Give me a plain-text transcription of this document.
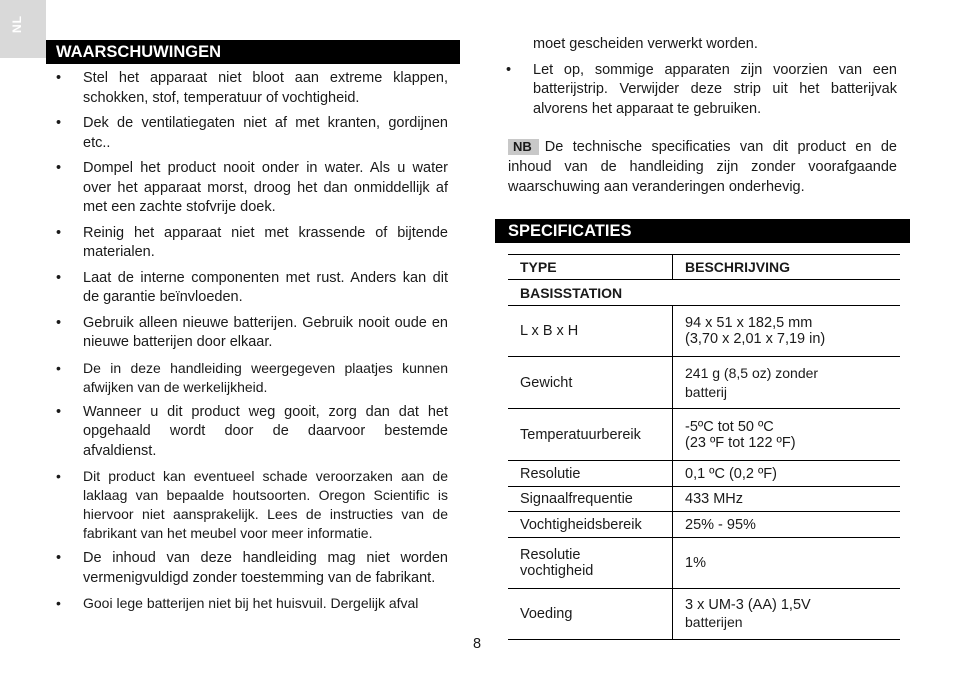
NL
WAARSCHUWINGEN
• Stel het apparaat niet bloot aan extreme klappen, schokken, stof, temperatuur of vochtigheid.
• Dek de ventilatiegaten niet af met kranten, gordijnen etc..
• Dompel het product nooit onder in water. Als u water over het apparaat morst, droog het dan onmiddellijk af met een zachte stofvrije doek.
• Reinig het apparaat niet met krassende of bijtende materialen.
• Laat de interne componenten met rust. Anders kan dit de garantie beïnvloeden.
• Gebruik alleen nieuwe batterijen. Gebruik nooit oude en nieuwe batterijen door elkaar.
• De in deze handleiding weergegeven plaatjes kunnen afwijken van de werkelijkheid.
• Wanneer u dit product weg gooit, zorg dan dat het opgehaald wordt door de daarvoor bestemde afvaldienst.
• Dit product kan eventueel schade veroorzaken aan de laklaag van bepaalde houtsoorten. Oregon Scientific is hiervoor niet aansprakelijk. Lees de instructies van de fabrikant van het meubel voor meer informatie.
• De inhoud van deze handleiding mag niet worden vermenigvuldigd zonder toestemming van de fabrikant.
• Gooi lege batterijen niet bij het huisvuil. Dergelijk afval
moet gescheiden verwerkt worden.
• Let op, sommige apparaten zijn voorzien van een batterijstrip. Verwijder deze strip uit het batterijvak alvorens het apparaat te gebruiken.
NB De technische specificaties van dit product en de inhoud van de handleiding zijn zonder voorafgaande waarschuwing aan veranderingen onderhevig.
SPECIFICATIES
TYPE	BESCHRIJVING
BASISSTATION	
L x B x H	94 x 51 x 182,5 mm
(3,70 x 2,01 x 7,19 in)

Gewicht	241 g (8,5 oz) zonder
batterij

Temperatuurbereik	-5ºC tot 50 ºC
(23 ºF tot 122 ºF)

Resolutie	0,1 ºC (0,2 ºF)
Signaalfrequentie	433 MHz
Vochtigheidsbereik	25% - 95%

Resolutie
vochtigheid	1%
Voeding	3 x UM-3 (AA) 1,5V
batterijen
8
